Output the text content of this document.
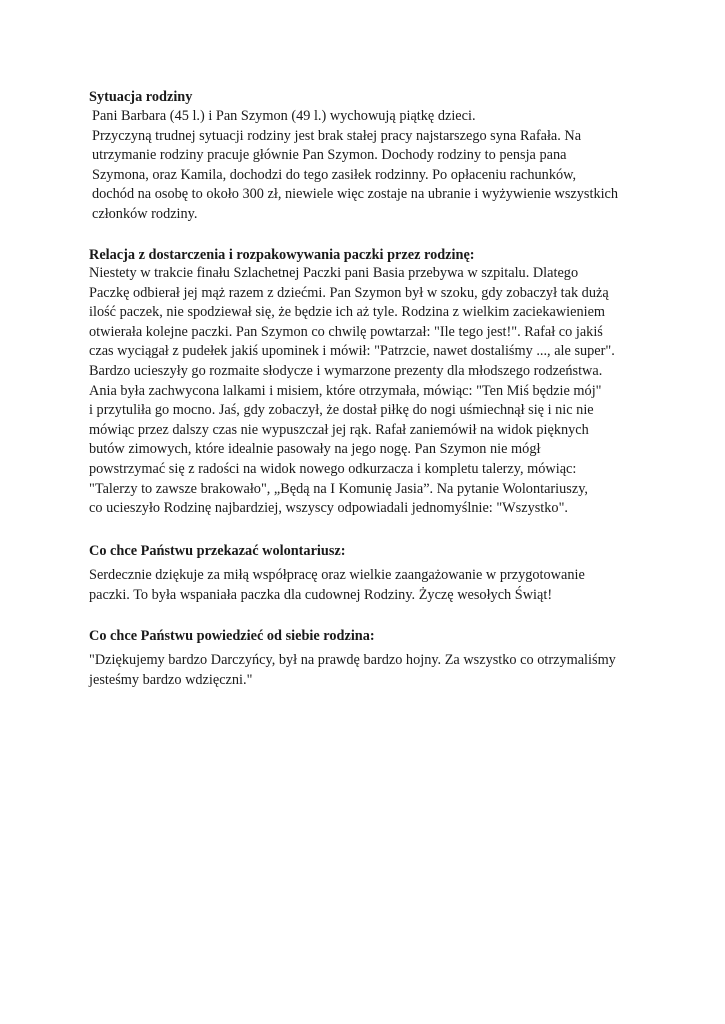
Sytuacja rodziny
Pani Barbara (45 l.) i Pan Szymon (49 l.) wychowują piątkę dzieci.
Przyczyną trudnej sytuacji rodziny jest brak stałej pracy najstarszego syna Rafała. Na
utrzymanie rodziny pracuje głównie Pan Szymon. Dochody rodziny to pensja pana
Szymona, oraz Kamila, dochodzi do tego zasiłek rodzinny. Po opłaceniu rachunków,
dochód na osobę to około 300 zł, niewiele więc zostaje na ubranie i wyżywienie wszystkich
członków rodziny.
Relacja z dostarczenia i rozpakowywania paczki przez rodzinę:
Niestety w trakcie finału Szlachetnej Paczki pani Basia przebywa w szpitalu. Dlatego
Paczkę odbierał jej mąż razem z dziećmi. Pan Szymon był w szoku, gdy zobaczył tak dużą
ilość paczek, nie spodziewał się, że będzie ich aż tyle. Rodzina z wielkim zaciekawieniem
otwierała kolejne paczki. Pan Szymon co chwilę powtarzał: "Ile tego jest!". Rafał co jakiś
czas wyciągał z pudełek jakiś upominek i mówił: "Patrzcie, nawet dostaliśmy ..., ale super".
Bardzo ucieszyły go rozmaite słodycze i wymarzone prezenty dla młodszego rodzeństwa.
Ania była zachwycona lalkami i misiem, które otrzymała, mówiąc: "Ten Miś będzie mój"
i przytuliła go mocno. Jaś, gdy zobaczył, że dostał piłkę do nogi uśmiechnął się i nic nie
mówiąc przez dalszy czas nie wypuszczał jej rąk. Rafał zaniemówił na widok pięknych
butów zimowych, które idealnie pasowały na jego nogę. Pan Szymon nie mógł
powstrzymać się z radości na widok nowego odkurzacza i kompletu talerzy, mówiąc:
"Talerzy to zawsze brakowało", „Będą na I Komunię Jasia”. Na pytanie Wolontariuszy,
co ucieszyło Rodzinę najbardziej, wszyscy odpowiadali jednomyślnie: "Wszystko".
Co chce Państwu przekazać wolontariusz:
Serdecznie dziękuje za miłą współpracę oraz wielkie zaangażowanie w przygotowanie
paczki. To była wspaniała paczka dla cudownej Rodziny. Życzę wesołych Świąt!
Co chce Państwu powiedzieć od siebie rodzina:
"Dziękujemy bardzo Darczyńcy, był na prawdę bardzo hojny. Za wszystko co otrzymaliśmy
jesteśmy bardzo wdzięczni."
